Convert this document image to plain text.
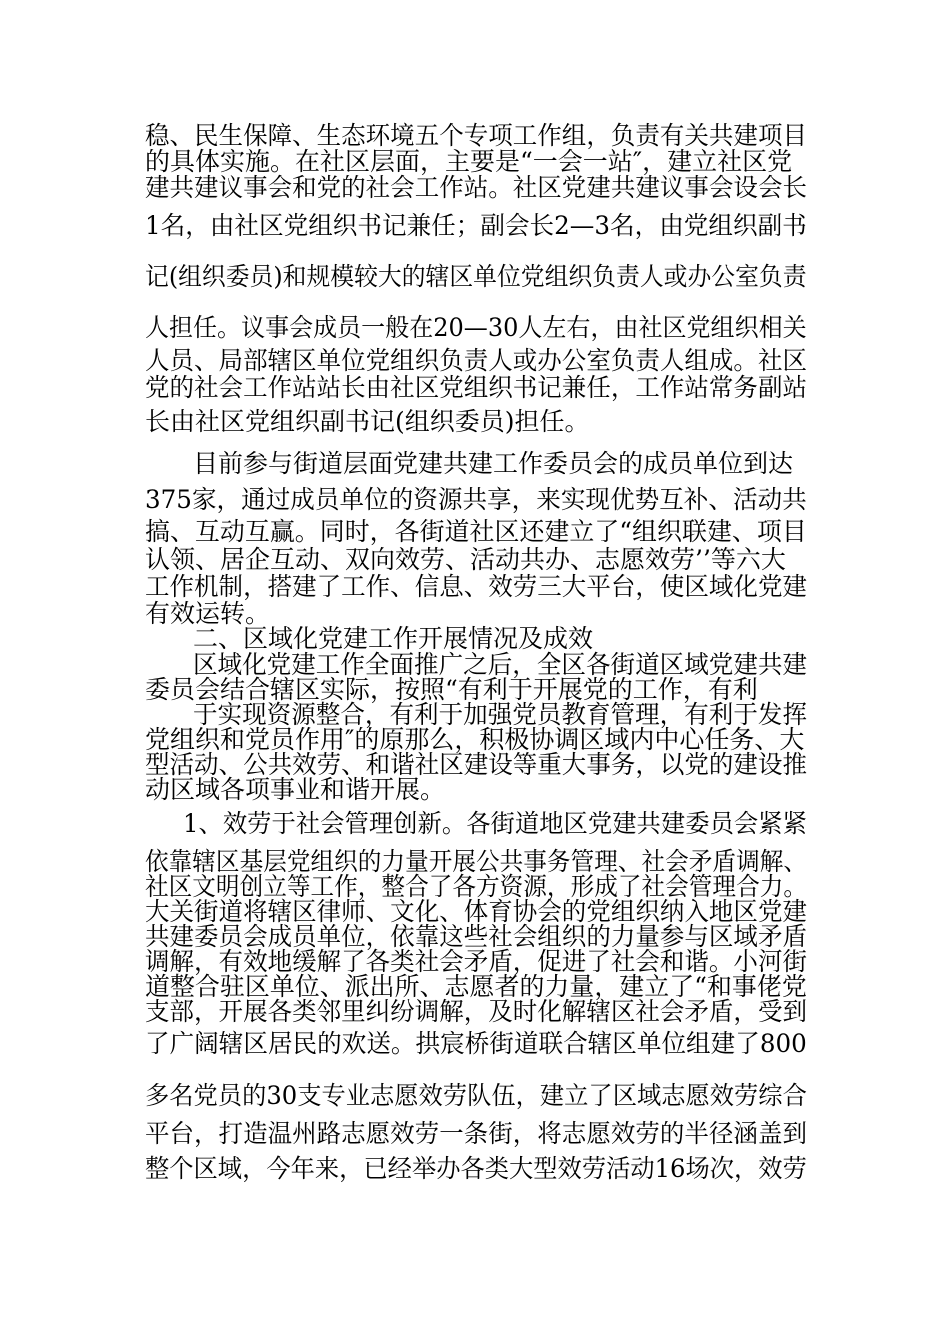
稳、民生保障、生态环境五个专项工作组，负责有关共建项目
的具体实施。在社区层面，主要是“一会一站″，建立社区党
建共建议事会和党的社会工作站。社区党建共建议事会设会长
1名，由社区党组织书记兼任；副会长2—3名，由党组织副书
记(组织委员)和规模较大的辖区单位党组织负责人或办公室负责
人担任。议事会成员一般在20—30人左右，由社区党组织相关
人员、局部辖区单位党组织负责人或办公室负责人组成。社区
党的社会工作站站长由社区党组织书记兼任，工作站常务副站
长由社区党组织副书记(组织委员)担任。
目前参与街道层面党建共建工作委员会的成员单位到达
375家，通过成员单位的资源共享，来实现优势互补、活动共
搞、互动互赢。同时，各街道社区还建立了“组织联建、项目
认领、居企互动、双向效劳、活动共办、志愿效劳’’等六大
工作机制，搭建了工作、信息、效劳三大平台，使区域化党建
有效运转。
二、区域化党建工作开展情况及成效
区域化党建工作全面推广之后，全区各街道区域党建共建
委员会结合辖区实际，按照“有利于开展党的工作，有利
于实现资源整合，有利于加强党员教育管理，有利于发挥
党组织和党员作用″的原那么，积极协调区域内中心任务、大
型活动、公共效劳、和谐社区建设等重大事务，以党的建设推
动区域各项事业和谐开展。
1、效劳于社会管理创新。各街道地区党建共建委员会紧紧
依靠辖区基层党组织的力量开展公共事务管理、社会矛盾调解、
社区文明创立等工作，整合了各方资源，形成了社会管理合力。
大关街道将辖区律师、文化、体育协会的党组织纳入地区党建
共建委员会成员单位，依靠这些社会组织的力量参与区域矛盾
调解，有效地缓解了各类社会矛盾，促进了社会和谐。小河街
道整合驻区单位、派出所、志愿者的力量，建立了“和事佬党
支部，开展各类邻里纠纷调解，及时化解辖区社会矛盾，受到
了广阔辖区居民的欢送。拱宸桥街道联合辖区单位组建了800
多名党员的30支专业志愿效劳队伍，建立了区域志愿效劳综合
平台，打造温州路志愿效劳一条街，将志愿效劳的半径涵盖到
整个区域，今年来，已经举办各类大型效劳活动16场次，效劳
